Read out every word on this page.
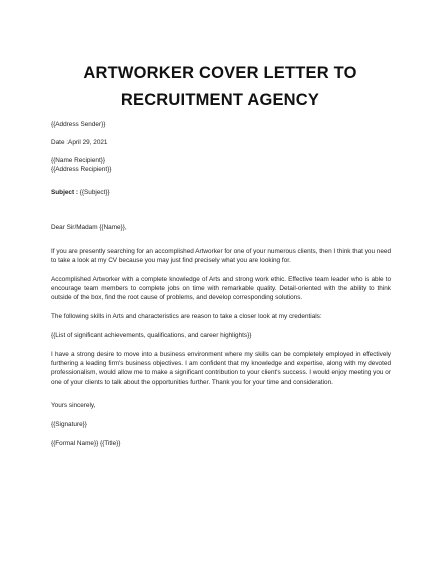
ARTWORKER COVER LETTER TO
RECRUITMENT AGENCY
{{Address Sender}}
Date :April 29, 2021
{{Name Recipient}}
{{Address Recipient}}
Subject : {{Subject}}
Dear Sir/Madam {{Name}},
If you are presently searching for an accomplished Artworker for one of your numerous clients, then I think that you need to take a look at my CV because you may just find precisely what you are looking for.
Accomplished Artworker with a complete knowledge of Arts and strong work ethic. Effective team leader who is able to encourage team members to complete jobs on time with remarkable quality. Detail-oriented with the ability to think outside of the box, find the root cause of problems, and develop corresponding solutions.
The following skills in Arts and characteristics are reason to take a closer look at my credentials:
{{List of significant achievements, qualifications, and career highlights}}
I have a strong desire to move into a business environment where my skills can be completely employed in effectively furthering a leading firm's business objectives. I am confident that my knowledge and expertise, along with my devoted professionalism, would allow me to make a significant contribution to your client's success. I would enjoy meeting you or one of your clients to talk about the opportunities further. Thank you for your time and consideration.
Yours sincerely,
{{Signature}}
{{Formal Name}} {{Title}}
